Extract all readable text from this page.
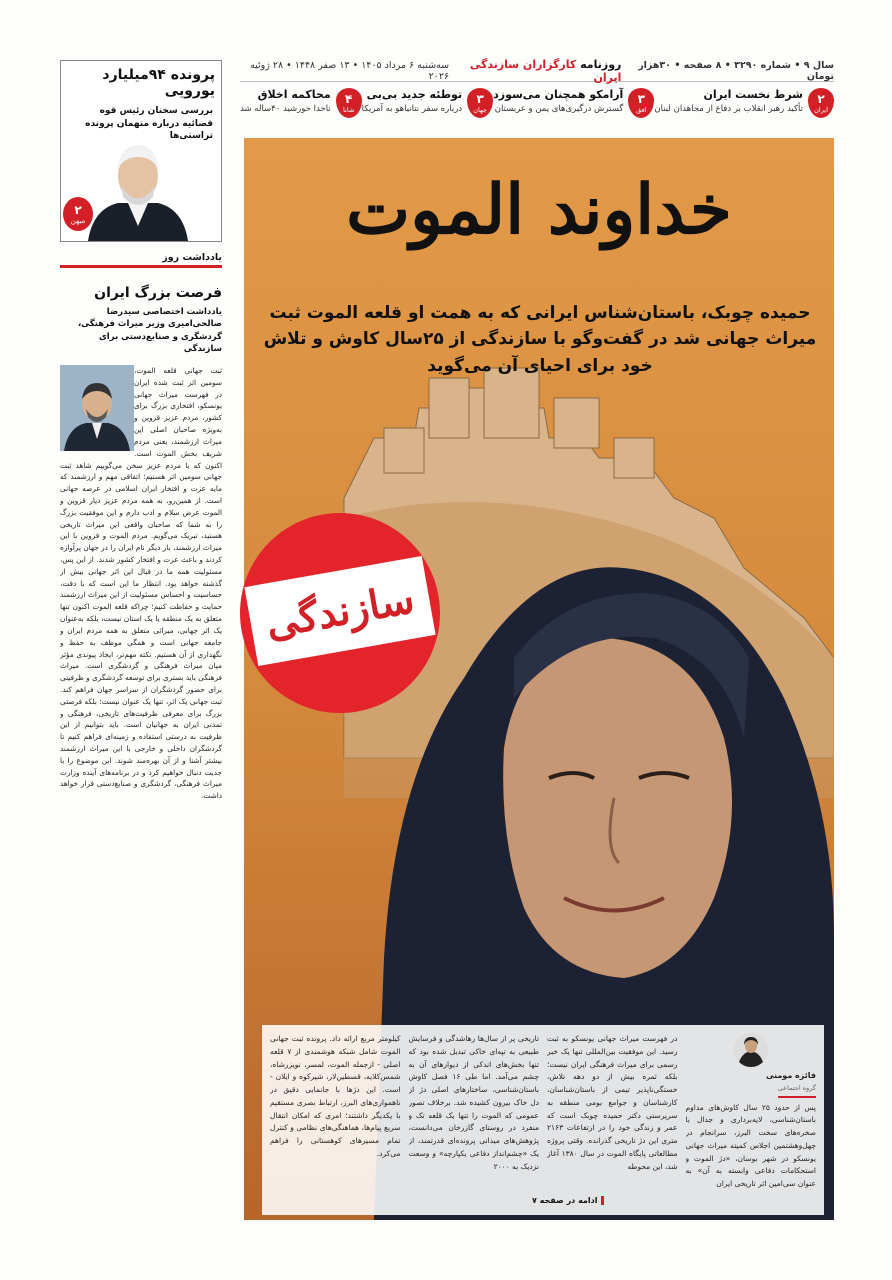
سال ۹ • شماره ۳۲۹۰ • ۸ صفحه • ۳۰هزار تومان
روزنامه کارگزاران سازندگی ایران
سه‌شنبه ۶ مرداد ۱۴۰۵ • ۱۳ صفر ۱۴۴۸ • ۲۸ ژوئیه ۲۰۲۶
۲
ایران
شرط نخست ایران
تأکید رهبر انقلاب بر دفاع از مجاهدان لبنان
۳
افق
آرامکو همچنان می‌سوزد
گسترش درگیری‌های یمن و عربستان
۳
جهان
توطئه جدید بی‌بی
درباره سفر نتانیاهو به آمریکا
۴
شانا
محاکمه اخلاق
ناخدا خورشید ۴۰ساله شد
پرونده ۹۴میلیارد یورویی
بررسی سخنان رئیس قوه قضائیه درباره متهمان پرونده تراستی‌ها
۲
میهن
یادداشت روز
فرصت بزرگ ایران
یادداشت اختصاصی سیدرضا صالحی‌امیری وزیر میراث فرهنگی، گردشگری و صنایع‌دستی برای سازندگی
ثبت جهانی قلعه الموت، سومین اثر ثبت شده ایران در فهرست میراث جهانی یونسکو، افتخاری بزرگ برای کشور، مردم عزیز قزوین و به‌ویژه صاحبان اصلی این میراث ارزشمند، یعنی مردم شریف بخش الموت است. اکنون که با مردم عزیز سخن می‌گوییم شاهد ثبت جهانی سومین اثر هستیم؛ اتفاقی مهم و ارزشمند که مایه عزت و افتخار ایران اسلامی در عرصه جهانی است. از همین‌رو، به همه مردم عزیز دیار قزوین و الموت عرض سلام و ادب دارم و این موفقیت بزرگ را به شما که صاحبان واقعی این میراث تاریخی هستید، تبریک می‌گویم. مردم الموت و قزوین با این میراث ارزشمند، بار دیگر نام ایران را در جهان پرآوازه کردند و باعث عزت و افتخار کشور شدند. از این پس، مسئولیت همه ما در قبال این اثر جهانی بیش از گذشته خواهد بود. انتظار ما این است که با دقت، حساسیت و احساس مسئولیت از این میراث ارزشمند حمایت و حفاظت کنیم؛ چراکه قلعه الموت اکنون تنها متعلق به یک منطقه یا یک استان نیست، بلکه به‌عنوان یک اثر جهانی، میراثی متعلق به همه مردم ایران و جامعه جهانی است و همگی موظف به حفظ و نگهداری از آن هستیم. نکته مهم‌تر، ایجاد پیوندی مؤثر میان میراث فرهنگی و گردشگری است. میراث فرهنگی باید بستری برای توسعه گردشگری و ظرفیتی برای حضور گردشگران از سراسر جهان فراهم کند. ثبت جهانی یک اثر، تنها یک عنوان نیست؛ بلکه فرصتی بزرگ برای معرفی ظرفیت‌های تاریخی، فرهنگی و تمدنی ایران به جهانیان است. باید بتوانیم از این ظرفیت به درستی استفاده و زمینه‌ای فراهم کنیم تا گردشگران داخلی و خارجی با این میراث ارزشمند بیشتر آشنا و از آن بهره‌مند شوند. این موضوع را با جدیت دنبال خواهیم کرد و در برنامه‌های آینده وزارت میراث فرهنگی، گردشگری و صنایع‌دستی قرار خواهد داشت.
خداوند الموت
حمیده چوبک، باستان‌شناس ایرانی که به همت او قلعه الموت ثبت میراث جهانی شد در گفت‌وگو با سازندگی از ۲۵سال کاوش و تلاش خود برای احیای آن می‌گوید
سازندگی
فائزه مومنی
گروه اجتماعی
پس از حدود ۲۵ سال کاوش‌های مداوم باستان‌شناسی، لایه‌برداری و جدال با صخره‌های سخت البرز، سرانجام در چهل‌وهشتمین اجلاس کمیته میراث جهانی یونسکو در شهر بوسان، «دژ الموت و استحکامات دفاعی وابسته به آن» به عنوان سی‌امین اثر تاریخی ایران
در فهرست میراث جهانی یونسکو به ثبت رسید. این موفقیت بین‌المللی تنها یک خبر رسمی برای میراث فرهنگی ایران نیست؛ بلکه ثمره بیش از دو دهه تلاش، خستگی‌ناپذیر تیمی از باستان‌شناسان، کارشناسان و جوامع بومی منطقه به سرپرستی دکتر حمیده چوبک است که عمر و زندگی خود را در ارتفاعات ۲۱۶۳ متری این دژ تاریخی گذرانده. وقتی پروژه مطالعاتی پایگاه الموت در سال ۱۳۸۰ آغاز شد، این محوطه
تاریخی پر از سال‌ها رهاشدگی و فرسایش طبیعی به تپه‌ای خاکی تبدیل شده بود که تنها بخش‌های اندکی از دیوارهای آن به چشم می‌آمد. اما طی ۱۶ فصل کاوش باستان‌شناسی، ساختارهای اصلی دژ از دل خاک بیرون کشیده شد. برخلاف تصور عمومی که الموت را تنها یک قلعه تک و منفرد در روستای گازرخان می‌دانست، پژوهش‌های میدانی پرونده‌ای قدرتمند، از یک «چشم‌انداز دفاعی یکپارچه» و وسعت نزدیک به ۲۰۰۰
کیلومتر مربع ارائه داد. پرونده ثبت جهانی الموت شامل شبکه هوشمندی از ۷ قلعه اصلی - ازجمله الموت، لمسر، نویزرشاه، شمس‌کلایه، قسطین‌لار، شیرکوه و ایلان - است. این دژها با جانمایی دقیق در ناهمواری‌های البرز، ارتباط بصری مستقیم با یکدیگر داشتند؛ امری که امکان انتقال سریع پیام‌ها، هماهنگی‌های نظامی و کنترل تمام مسیرهای کوهستانی را فراهم می‌کرد.
ادامه در صفحه ۷
